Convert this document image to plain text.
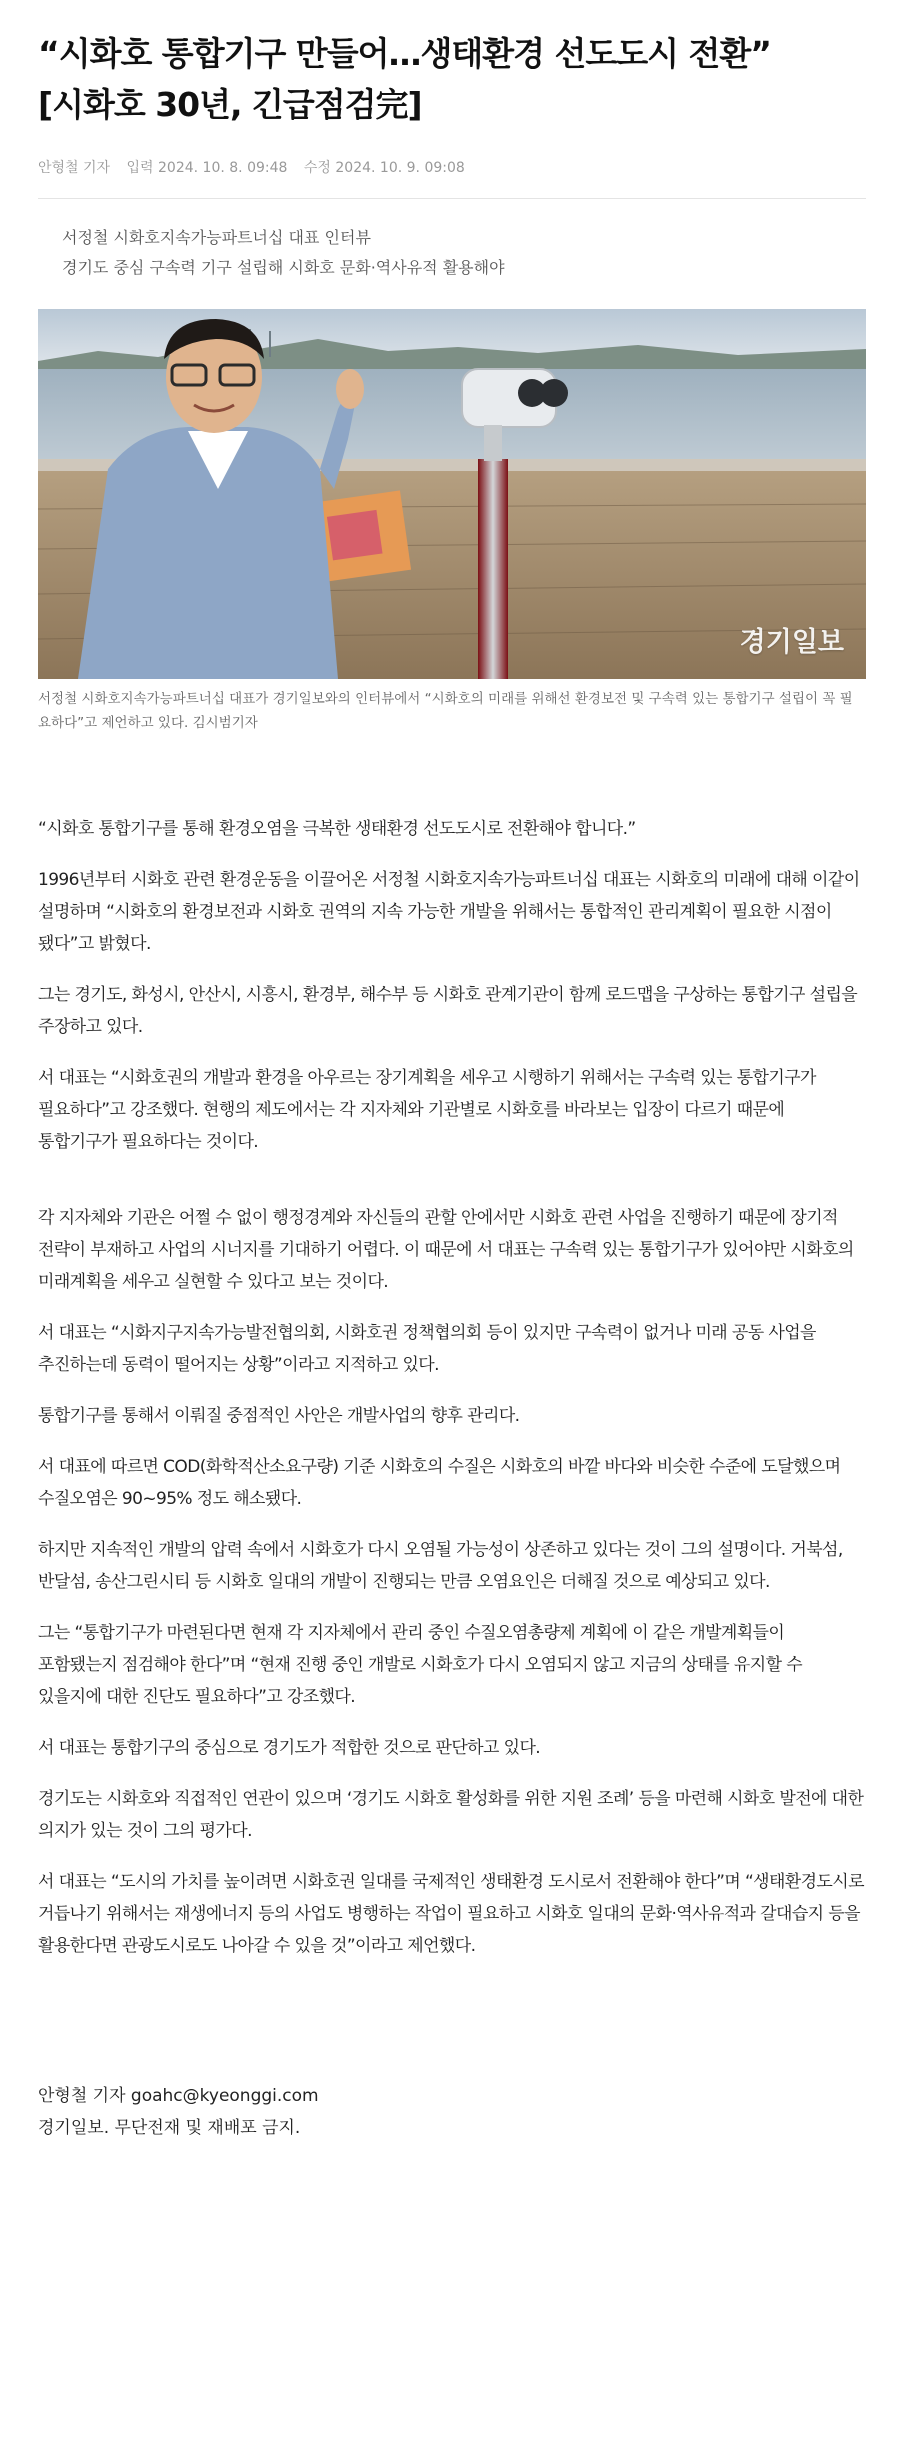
“시화호 통합기구 만들어…생태환경 선도도시 전환”
[시화호 30년, 긴급점검完]
안형철 기자 입력 2024. 10. 8. 09:48 수정 2024. 10. 9. 09:08
서정철 시화호지속가능파트너십 대표 인터뷰
경기도 중심 구속력 기구 설립해 시화호 문화·역사유적 활용해야
경기일보
서정철 시화호지속가능파트너십 대표가 경기일보와의 인터뷰에서 “시화호의 미래를 위해선 환경보전 및 구속력 있는 통합기구 설립이 꼭 필요하다”고 제언하고 있다. 김시범기자

“시화호 통합기구를 통해 환경오염을 극복한 생태환경 선도도시로 전환해야 합니다.”

1996년부터 시화호 관련 환경운동을 이끌어온 서정철 시화호지속가능파트너십 대표는 시화호의 미래에 대해 이같이 설명하며 “시화호의 환경보전과 시화호 권역의 지속 가능한 개발을 위해서는 통합적인 관리계획이 필요한 시점이 됐다”고 밝혔다.

그는 경기도, 화성시, 안산시, 시흥시, 환경부, 해수부 등 시화호 관계기관이 함께 로드맵을 구상하는 통합기구 설립을 주장하고 있다.

서 대표는 “시화호권의 개발과 환경을 아우르는 장기계획을 세우고 시행하기 위해서는 구속력 있는 통합기구가 필요하다”고 강조했다. 현행의 제도에서는 각 지자체와 기관별로 시화호를 바라보는 입장이 다르기 때문에 통합기구가 필요하다는 것이다.

각 지자체와 기관은 어쩔 수 없이 행정경계와 자신들의 관할 안에서만 시화호 관련 사업을 진행하기 때문에 장기적 전략이 부재하고 사업의 시너지를 기대하기 어렵다. 이 때문에 서 대표는 구속력 있는 통합기구가 있어야만 시화호의 미래계획을 세우고 실현할 수 있다고 보는 것이다.

서 대표는 “시화지구지속가능발전협의회, 시화호권 정책협의회 등이 있지만 구속력이 없거나 미래 공동 사업을 추진하는데 동력이 떨어지는 상황”이라고 지적하고 있다.

통합기구를 통해서 이뤄질 중점적인 사안은 개발사업의 향후 관리다.

서 대표에 따르면 COD(화학적산소요구량) 기준 시화호의 수질은 시화호의 바깥 바다와 비슷한 수준에 도달했으며 수질오염은 90~95% 정도 해소됐다.

하지만 지속적인 개발의 압력 속에서 시화호가 다시 오염될 가능성이 상존하고 있다는 것이 그의 설명이다. 거북섬, 반달섬, 송산그린시티 등 시화호 일대의 개발이 진행되는 만큼 오염요인은 더해질 것으로 예상되고 있다.

그는 “통합기구가 마련된다면 현재 각 지자체에서 관리 중인 수질오염총량제 계획에 이 같은 개발계획들이 포함됐는지 점검해야 한다”며 “현재 진행 중인 개발로 시화호가 다시 오염되지 않고 지금의 상태를 유지할 수 있을지에 대한 진단도 필요하다”고 강조했다.

서 대표는 통합기구의 중심으로 경기도가 적합한 것으로 판단하고 있다.

경기도는 시화호와 직접적인 연관이 있으며 ‘경기도 시화호 활성화를 위한 지원 조례’ 등을 마련해 시화호 발전에 대한 의지가 있는 것이 그의 평가다.

서 대표는 “도시의 가치를 높이려면 시화호권 일대를 국제적인 생태환경 도시로서 전환해야 한다”며 “생태환경도시로 거듭나기 위해서는 재생에너지 등의 사업도 병행하는 작업이 필요하고 시화호 일대의 문화·역사유적과 갈대습지 등을 활용한다면 관광도시로도 나아갈 수 있을 것”이라고 제언했다.

안형철 기자 goahc@kyeonggi.com
경기일보. 무단전재 및 재배포 금지.
